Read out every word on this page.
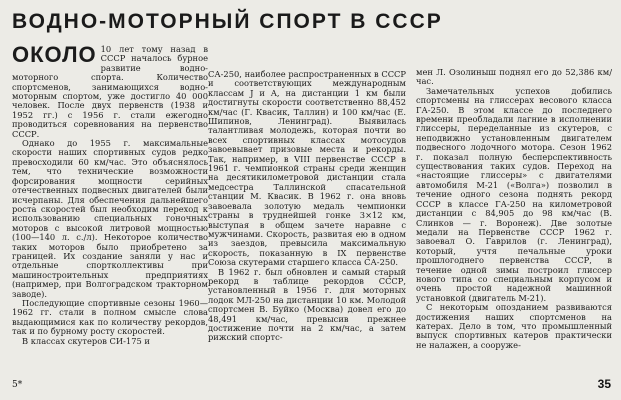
ВОДНО-МОТОРНЫЙ СПОРТ В СССР

ОКОЛО 10 лет тому назад в СССР началось бурное развитие водно-моторного спорта. Количество спортсменов, занимающихся водно-моторным спортом, уже достигло 40 000 человек. После двух первенств (1938 и 1952 гг.) с 1956 г. стали ежегодно проводиться соревнования на первенство СССР.

Однако до 1955 г. максимальные скорости наших спортивных судов редко превосходили 60 км/час. Это объяснялось тем, что технические возможности форсирования мощности серийных отечественных подвесных двигателей были исчерпаны. Для обеспечения дальнейшего роста скоростей был необходим переход к использованию специальных гоночных моторов с высокой литровой мощностью (100—140 л. с./л). Некоторое количество таких моторов было приобретено за границей. Их создание заняли у нас и отдельные спортколлективы при машиностроительных предприятиях (например, при Волгоградском тракторном заводе).

Последующие спортивные сезоны 1960—1962 гг. стали в полном смысле слова выдающимися как по количеству рекордов, так и по бурному росту скоростей.

В классах скутеров СИ-175 и

СА-250, наиболее распространенных в СССР и соответствующих международным классам J и A, на дистанции 1 км были достигнуты скорости соответственно 88,452 км/час (Г. Квасик, Таллин) и 100 км/час (Е. Шипинов, Ленинград). Выявилась талантливая молодежь, которая почти во всех спортивных классах мотосудов завоевывает призовые места и рекорды. Так, например, в VIII первенстве СССР в 1961 г. чемпионкой страны среди женщин на десятикилометровой дистанции стала медсестра Таллинской спасательной станции М. Квасик. В 1962 г. она вновь завоевала золотую медаль чемпионки страны в труднейшей гонке 3×12 км, выступая в общем зачете наравне с мужчинами. Скорость, развитая ею в одном из заездов, превысила максимальную скорость, показанную в IX первенстве Союза скутерами старшего класса СА-250.

В 1962 г. был обновлен и самый старый рекорд в таблице рекордов СССР, установленный в 1956 г. для моторных лодок МЛ-250 на дистанции 10 км. Молодой спортсмен В. Буйко (Москва) довел его до 48,491 км/час, превысив прежнее достижение почти на 2 км/час, а затем рижский спортс-

мен Л. Озолиныш поднял его до 52,386 км/час.

Замечательных успехов добились спортсмены на глиссерах весового класса ГА-250. В этом классе до последнего времени преобладали лагние в исполнении глиссеры, переделанные из скутеров, с неподвижно установленным двигателем подвесного лодочного мотора. Сезон 1962 г. показал полную бесперспективность существования таких судов. Переход на «настоящие глиссеры» с двигателями автомобиля М-21 («Волга») позволил в течение одного сезона поднять рекорд СССР в классе ГА-250 на километровой дистанции с 84,905 до 98 км/час (В. Слинков — г. Воронеж). Две золотые медали на Первенстве СССР 1962 г. завоевал О. Гаврилов (г. Ленинград), который, учтя печальные уроки прошлогоднего первенства СССР, в течение одной зимы построил глиссер нового типа со специальным корпусом и очень простой надежной машинной установкой (двигатель М-21).

С некоторым опозданием развиваются достижения наших спортсменов на катерах. Дело в том, что промышленный выпуск спортивных катеров практически не налажен, а сооруже-

5*	35
